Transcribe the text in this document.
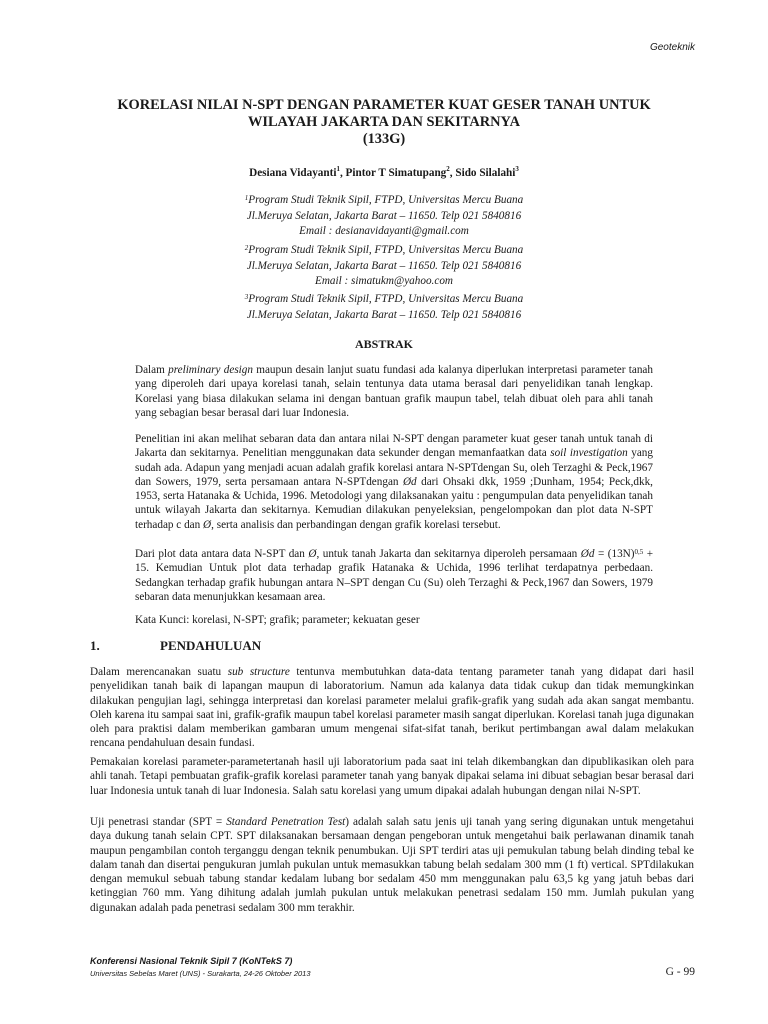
Geoteknik
KORELASI NILAI N-SPT DENGAN PARAMETER KUAT GESER TANAH UNTUK
WILAYAH JAKARTA DAN SEKITARNYA
(133G)
Desiana Vidayanti$^1$, Pintor T Simatupang$^2$, Sido Silalahi$^3$
$^1$Program Studi Teknik Sipil, FTPD, Universitas Mercu Buana
Jl.Meruya Selatan, Jakarta Barat – 11650. Telp 021 5840816
Email : desianavidayanti@gmail.com
$^2$Program Studi Teknik Sipil, FTPD, Universitas Mercu Buana
Jl.Meruya Selatan, Jakarta Barat – 11650. Telp 021 5840816
Email : simatukm@yahoo.com
$^3$Program Studi Teknik Sipil, FTPD, Universitas Mercu Buana
Jl.Meruya Selatan, Jakarta Barat – 11650. Telp 021 5840816
ABSTRAK

Dalam preliminary design maupun desain lanjut suatu fundasi ada kalanya diperlukan interpretasi parameter tanah yang diperoleh dari upaya korelasi tanah, selain tentunya data utama berasal dari penyelidikan tanah lengkap. Korelasi yang biasa dilakukan selama ini dengan bantuan grafik maupun tabel, telah dibuat oleh para ahli tanah yang sebagian besar berasal dari luar Indonesia.

Penelitian ini akan melihat sebaran data dan antara nilai N-SPT dengan parameter kuat geser tanah untuk tanah di Jakarta dan sekitarnya. Penelitian menggunakan data sekunder dengan memanfaatkan data soil investigation yang sudah ada. Adapun yang menjadi acuan adalah grafik korelasi antara N-SPTdengan Su, oleh Terzaghi & Peck,1967 dan Sowers, 1979, serta persamaan antara N-SPTdengan Ød dari Ohsaki dkk, 1959 ;Dunham, 1954; Peck,dkk, 1953, serta Hatanaka & Uchida, 1996. Metodologi yang dilaksanakan yaitu : pengumpulan data penyelidikan tanah untuk wilayah Jakarta dan sekitarnya. Kemudian dilakukan penyeleksian, pengelompokan dan plot data N-SPT terhadap c dan Ø, serta analisis dan perbandingan dengan grafik korelasi tersebut.

Dari plot data antara data N-SPT dan Ø, untuk tanah Jakarta dan sekitarnya diperoleh persamaan Ød = $(13N)^{0,5} + 15$. Kemudian Untuk plot data terhadap grafik Hatanaka & Uchida, 1996 terlihat terdapatnya perbedaan. Sedangkan terhadap grafik hubungan antara N–SPT dengan Cu (Su) oleh Terzaghi & Peck,1967 dan Sowers, 1979 sebaran data menunjukkan kesamaan area.

Kata Kunci: korelasi, N-SPT; grafik; parameter; kekuatan geser

1.	PENDAHULUAN

Dalam merencanakan suatu sub structure tentunva membutuhkan data-data tentang parameter tanah yang didapat dari hasil penyelidikan tanah baik di lapangan maupun di laboratorium. Namun ada kalanya data tidak cukup dan tidak memungkinkan dilakukan pengujian lagi, sehingga interpretasi dan korelasi parameter melalui grafik-grafik yang sudah ada akan sangat membantu. Oleh karena itu sampai saat ini, grafik-grafik maupun tabel korelasi parameter masih sangat diperlukan. Korelasi tanah juga digunakan oleh para praktisi dalam memberikan gambaran umum mengenai sifat-sifat tanah, berikut pertimbangan awal dalam melakukan rencana pendahuluan desain fundasi.

Pemakaian korelasi parameter-parametertanah hasil uji laboratorium pada saat ini telah dikembangkan dan dipublikasikan oleh para ahli tanah. Tetapi pembuatan grafik-grafik korelasi parameter tanah yang banyak dipakai selama ini dibuat sebagian besar berasal dari luar Indonesia untuk tanah di luar Indonesia. Salah satu korelasi yang umum dipakai adalah hubungan dengan nilai N-SPT.

Uji penetrasi standar (SPT = Standard Penetration Test) adalah salah satu jenis uji tanah yang sering digunakan untuk mengetahui daya dukung tanah selain CPT. SPT dilaksanakan bersamaan dengan pengeboran untuk mengetahui baik perlawanan dinamik tanah maupun pengambilan contoh terganggu dengan teknik penumbukan. Uji SPT terdiri atas uji pemukulan tabung belah dinding tebal ke dalam tanah dan disertai pengukuran jumlah pukulan untuk memasukkan tabung belah sedalam 300 mm (1 ft) vertical. SPTdilakukan dengan memukul sebuah tabung standar kedalam lubang bor sedalam 450 mm menggunakan palu 63,5 kg yang jatuh bebas dari ketinggian 760 mm. Yang dihitung adalah jumlah pukulan untuk melakukan penetrasi sedalam 150 mm. Jumlah pukulan yang digunakan adalah pada penetrasi sedalam 300 mm terakhir.

Konferensi Nasional Teknik Sipil 7 (KoNTekS 7)
Universitas Sebelas Maret (UNS) - Surakarta, 24-26 Oktober 2013	G - 99
